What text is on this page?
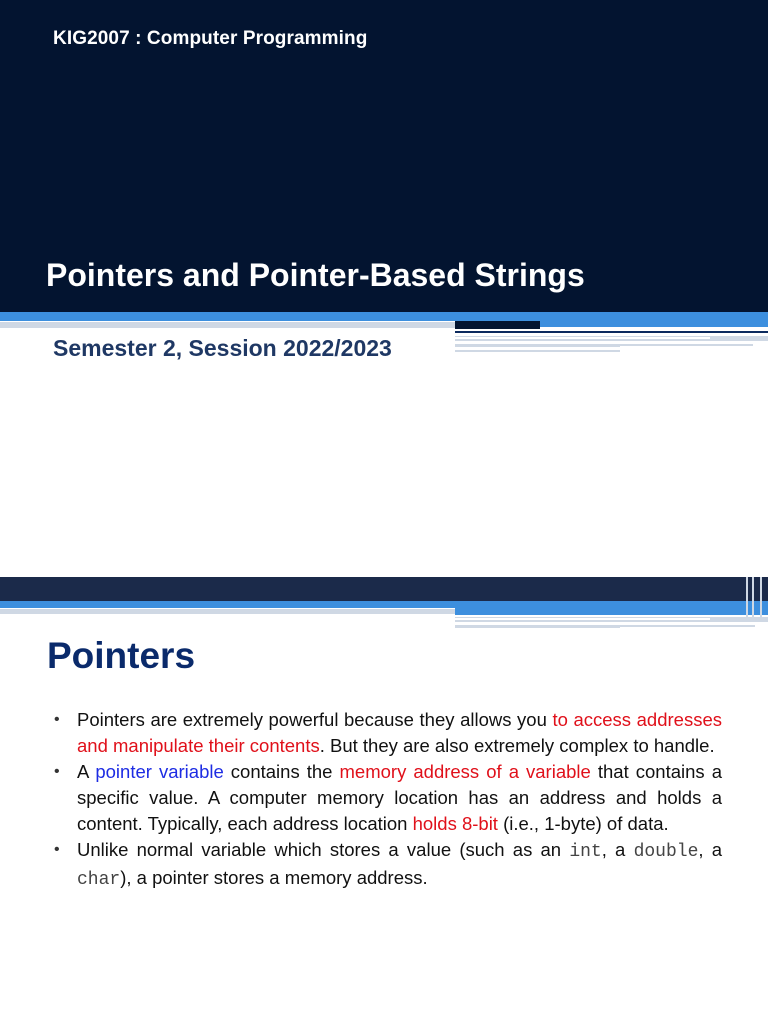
KIG2007 : Computer Programming
Pointers and Pointer-Based Strings
Semester 2, Session 2022/2023
Pointers
• Pointers are extremely powerful because they allows you to access addresses and manipulate their contents. But they are also extremely complex to handle.
• A pointer variable contains the memory address of a variable that contains a specific value. A computer memory location has an address and holds a content. Typically, each address location holds 8-bit (i.e., 1-byte) of data.
• Unlike normal variable which stores a value (such as an int, a double, a char), a pointer stores a memory address.
